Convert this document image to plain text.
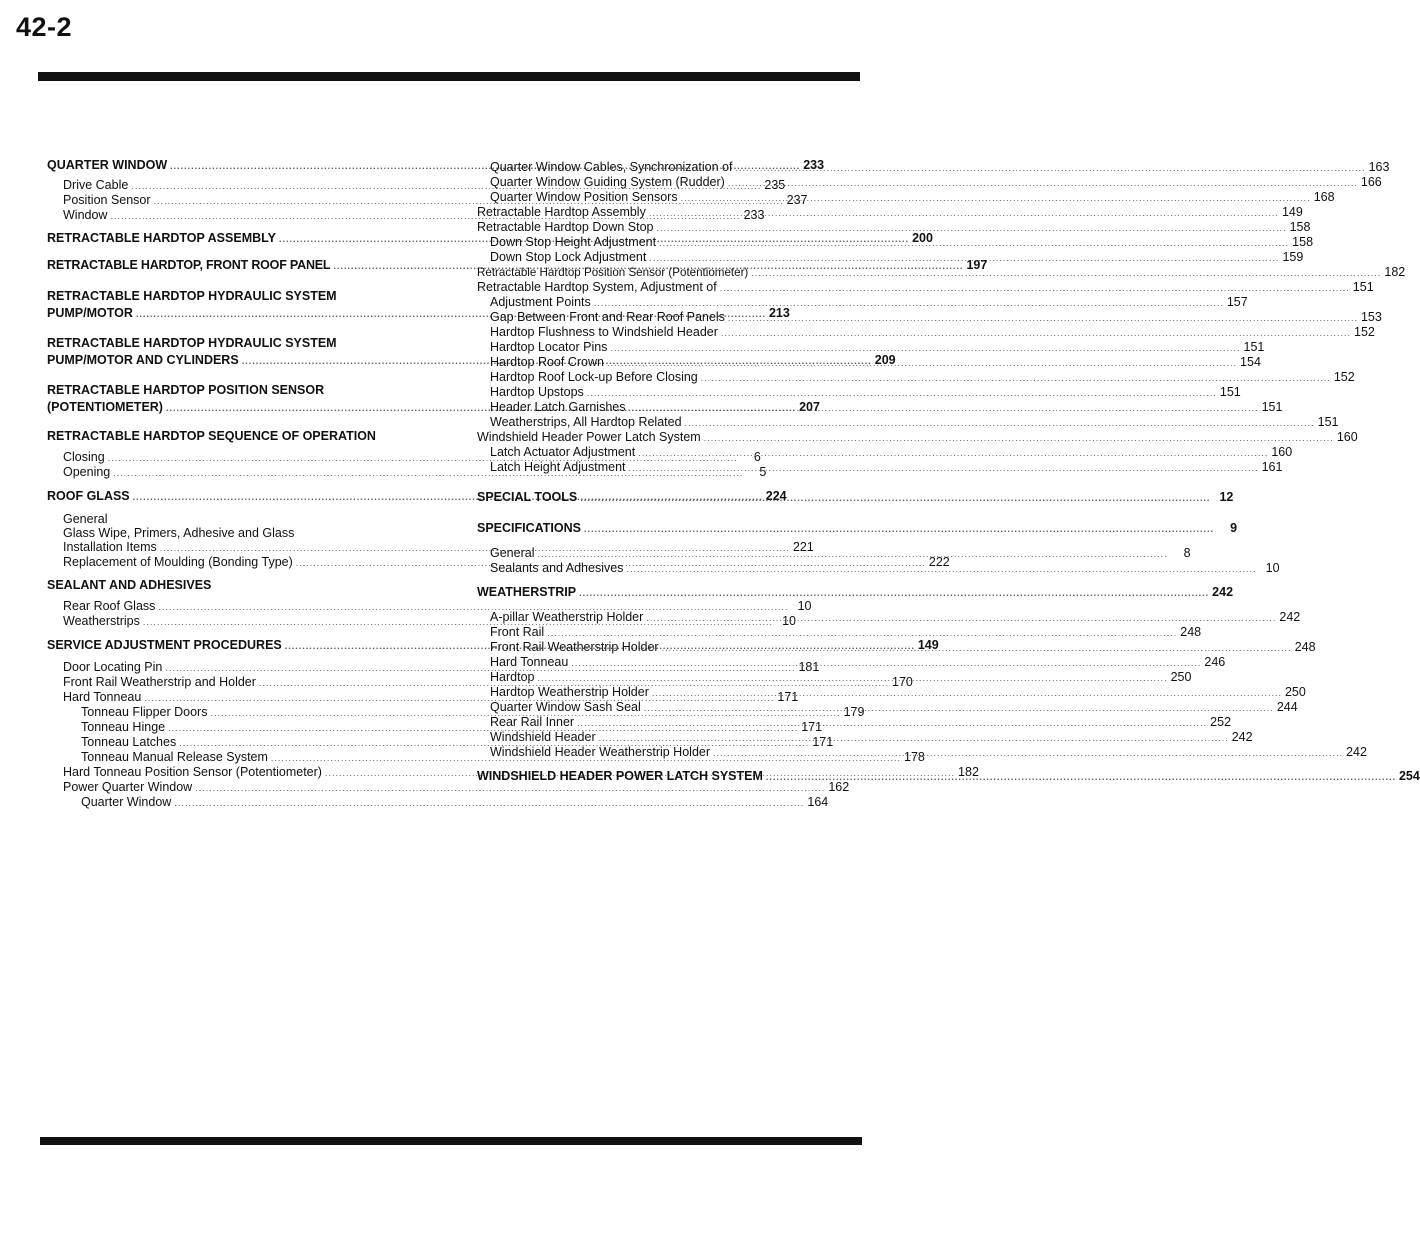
42-2
QUARTER WINDOW .....	233
Drive Cable .....	235
Position Sensor .....	237
Window .....	233
RETRACTABLE HARDTOP ASSEMBLY .....	200
RETRACTABLE HARDTOP, FRONT ROOF PANEL .....	197
RETRACTABLE HARDTOP HYDRAULIC SYSTEM
PUMP/MOTOR .....	213
RETRACTABLE HARDTOP HYDRAULIC SYSTEM
PUMP/MOTOR AND CYLINDERS .....	209
RETRACTABLE HARDTOP POSITION SENSOR
(POTENTIOMETER) .....	207
RETRACTABLE HARDTOP SEQUENCE OF OPERATION
Closing .....	6
Opening .....	5
ROOF GLASS .....	224
General
Glass Wipe, Primers, Adhesive and Glass
Installation Items .....	221
Replacement of Moulding (Bonding Type) .....	222
SEALANT AND ADHESIVES
Rear Roof Glass .....	10
Weatherstrips .....	10
SERVICE ADJUSTMENT PROCEDURES .....	149
Door Locating Pin .....	181
Front Rail Weatherstrip and Holder .....	170
Hard Tonneau .....	171
Tonneau Flipper Doors .....	179
Tonneau Hinge .....	171
Tonneau Latches .....	171
Tonneau Manual Release System .....	178
Hard Tonneau Position Sensor (Potentiometer) .....	182
Power Quarter Window .....	162
Quarter Window .....	164
Quarter Window Cables, Synchronization of .....	163
Quarter Window Guiding System (Rudder) .....	166
Quarter Window Position Sensors .....	168
Retractable Hardtop Assembly .....	149
Retractable Hardtop Down Stop .....	158
Down Stop Height Adjustment .....	158
Down Stop Lock Adjustment .....	159
Retractable Hardtop Position Sensor (Potentiometer) .....	182
Retractable Hardtop System, Adjustment of .....	151
Adjustment Points .....	157
Gap Between Front and Rear Roof Panels .....	153
Hardtop Flushness to Windshield Header .....	152
Hardtop Locator Pins .....	151
Hardtop Roof Crown .....	154
Hardtop Roof Lock-up Before Closing .....	152
Hardtop Upstops .....	151
Header Latch Garnishes .....	151
Weatherstrips, All Hardtop Related .....	151
Windshield Header Power Latch System .....	160
Latch Actuator Adjustment .....	160
Latch Height Adjustment .....	161
SPECIAL TOOLS .....	12
SPECIFICATIONS .....	9
General .....	8
Sealants and Adhesives .....	10
WEATHERSTRIP .....	242
A-pillar Weatherstrip Holder .....	242
Front Rail .....	248
Front Rail Weatherstrip Holder .....	248
Hard Tonneau .....	246
Hardtop .....	250
Hardtop Weatherstrip Holder .....	250
Quarter Window Sash Seal .....	244
Rear Rail Inner .....	252
Windshield Header .....	242
Windshield Header Weatherstrip Holder .....	242
WINDSHIELD HEADER POWER LATCH SYSTEM .....	254
